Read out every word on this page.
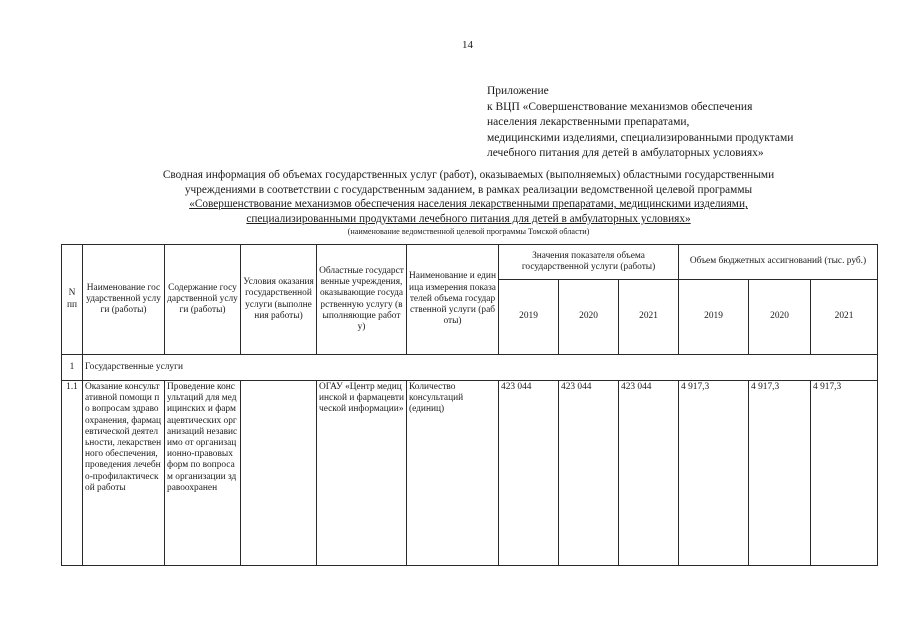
14
Приложение
к ВЦП «Совершенствование механизмов обеспечения
населения лекарственными препаратами,
медицинскими изделиями, специализированными продуктами
лечебного питания для детей в амбулаторных условиях»
Сводная информация об объемах государственных услуг (работ), оказываемых (выполняемых) областными государственными
учреждениями в соответствии с государственным заданием, в рамках реализации ведомственной целевой программы
«Совершенствование механизмов обеспечения населения лекарственными препаратами, медицинскими изделиями,
специализированными продуктами лечебного питания для детей в амбулаторных условиях»
(наименование ведомственной целевой программы Томской области)
N пп	Наименование государственной услуги (работы)	Содержание государственной услуги (работы)	Условия оказания государственной услуги (выполнения работы)	Областные государственные учреждения, оказывающие государственную услугу (выполняющие работу)	Наименование и единица измерения показателей объема государственной услуги (работы)	Значения показателя объема государственной услуги (работы)			Объем бюджетных ассигнований (тыс. руб.)		
						2019	2020	2021	2019	2020	2021
1	Государственные услуги										
1.1	Оказание консультативной помощи по вопросам здравоохранения, фармацевтической деятельности, лекарственного обеспечения, проведения лечебно-профилактической работы	Проведение консультаций для медицинских и фармацевтических организаций независимо от организационно-правовых форм по вопросам организации здравоохранен		ОГАУ «Центр медицинской и фармацевтической информации»	Количество консультаций (единиц)	423 044	423 044	423 044	4 917,3	4 917,3	4 917,3
